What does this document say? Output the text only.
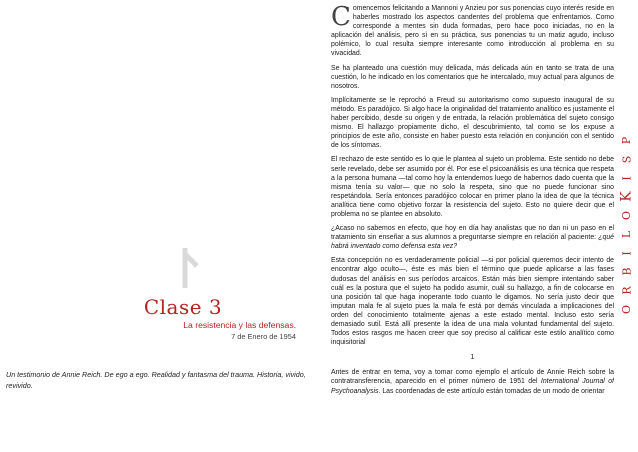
Clase 3
La resistencia y las defensas.
7 de Enero de 1954
Un testimonio de Annie Reich. De ego a ego. Realidad y fantasma del trauma. Historia, vivido, revivido.

Comencemos felicitando a Mannoni y Anzieu por sus ponencias cuyo interés reside en haberles mostrado los aspectos candentes del problema que enfrentamos. Como corresponde a mentes sin duda formadas, pero hace poco iniciadas, no en la aplicación del análisis, pero sí en su práctica, sus ponencias tu un matiz agudo, incluso polémico, lo cual resulta siempre interesante como introducción al problema en su vivacidad.

Se ha planteado una cuestión muy delicada, más delicada aún en tanto se trata de una cuestión, lo he indicado en los comentarios que he intercalado, muy actual para algunos de nosotros.

Implícitamente se le reprochó a Freud su autoritarismo como supuesto inaugural de su método. Es paradójico. Si algo hace la originalidad del tratamiento analítico es justamente el haber percibido, desde su origen y de entrada, la relación problemática del sujeto consigo mismo. El hallazgo propiamente dicho, el descubrimiento, tal como se los expuse a principios de este año, consiste en haber puesto esta relación en conjunción con el sentido de los síntomas.

El rechazo de este sentido es lo que le plantea al sujeto un problema. Este sentido no debe serle revelado, debe ser asumido por él. Por ese el psicoanálisis es una técnica que respeta a la persona humana —tal como hoy la entendemos luego de habernos dado cuenta que la misma tenía su valor— que no solo la respeta, sino que no puede funcionar sino respetándola. Sería entonces paradójico colocar en primer plano la idea de que la técnica analítica tiene como objetivo forzar la resistencia del sujeto. Esto no quiere decir que el problema no se plantee en absoluto.

¿Acaso no sabemos en efecto, que hoy en día hay analistas que no dan ni un paso en el tratamiento sin enseñar a sus alumnos a preguntarse siempre en relación al paciente: ¿qué habrá inventado como defensa esta vez?

Esta concepción no es verdaderamente policial —si por policial queremos decir intento de encontrar algo oculto—, éste es más bien el término que puede aplicarse a las fases dudosas del análisis en sus períodos arcaicos. Están más bien siempre intentando saber cuál es la postura que el sujeto ha podido asumir, cuál su hallazgo, a fin de colocarse en una posición tal que haga inoperante todo cuanto le digamos. No sería justo decir que imputan mala fe al sujeto pues la mala fe está por demás vinculada a implicaciones del orden del conocimiento totalmente ajenas a este estado mental. Incluso esto sería demasiado sutil. Está allí presente la idea de una mala voluntad fundamental del sujeto. Todos estos rasgos me hacen creer que soy preciso al calificar este estilo analítico como inquisitorial

1

Antes de entrar en tema, voy a tomar como ejemplo el artículo de Annie Reich sobre la contratransferencia, aparecido en el primer número de 1951 del International Journal of Psychoanalysis. Las coordenadas de este artículo están tomadas de un modo de orientar

P
S
I
K
O
L
I
B
R
O
